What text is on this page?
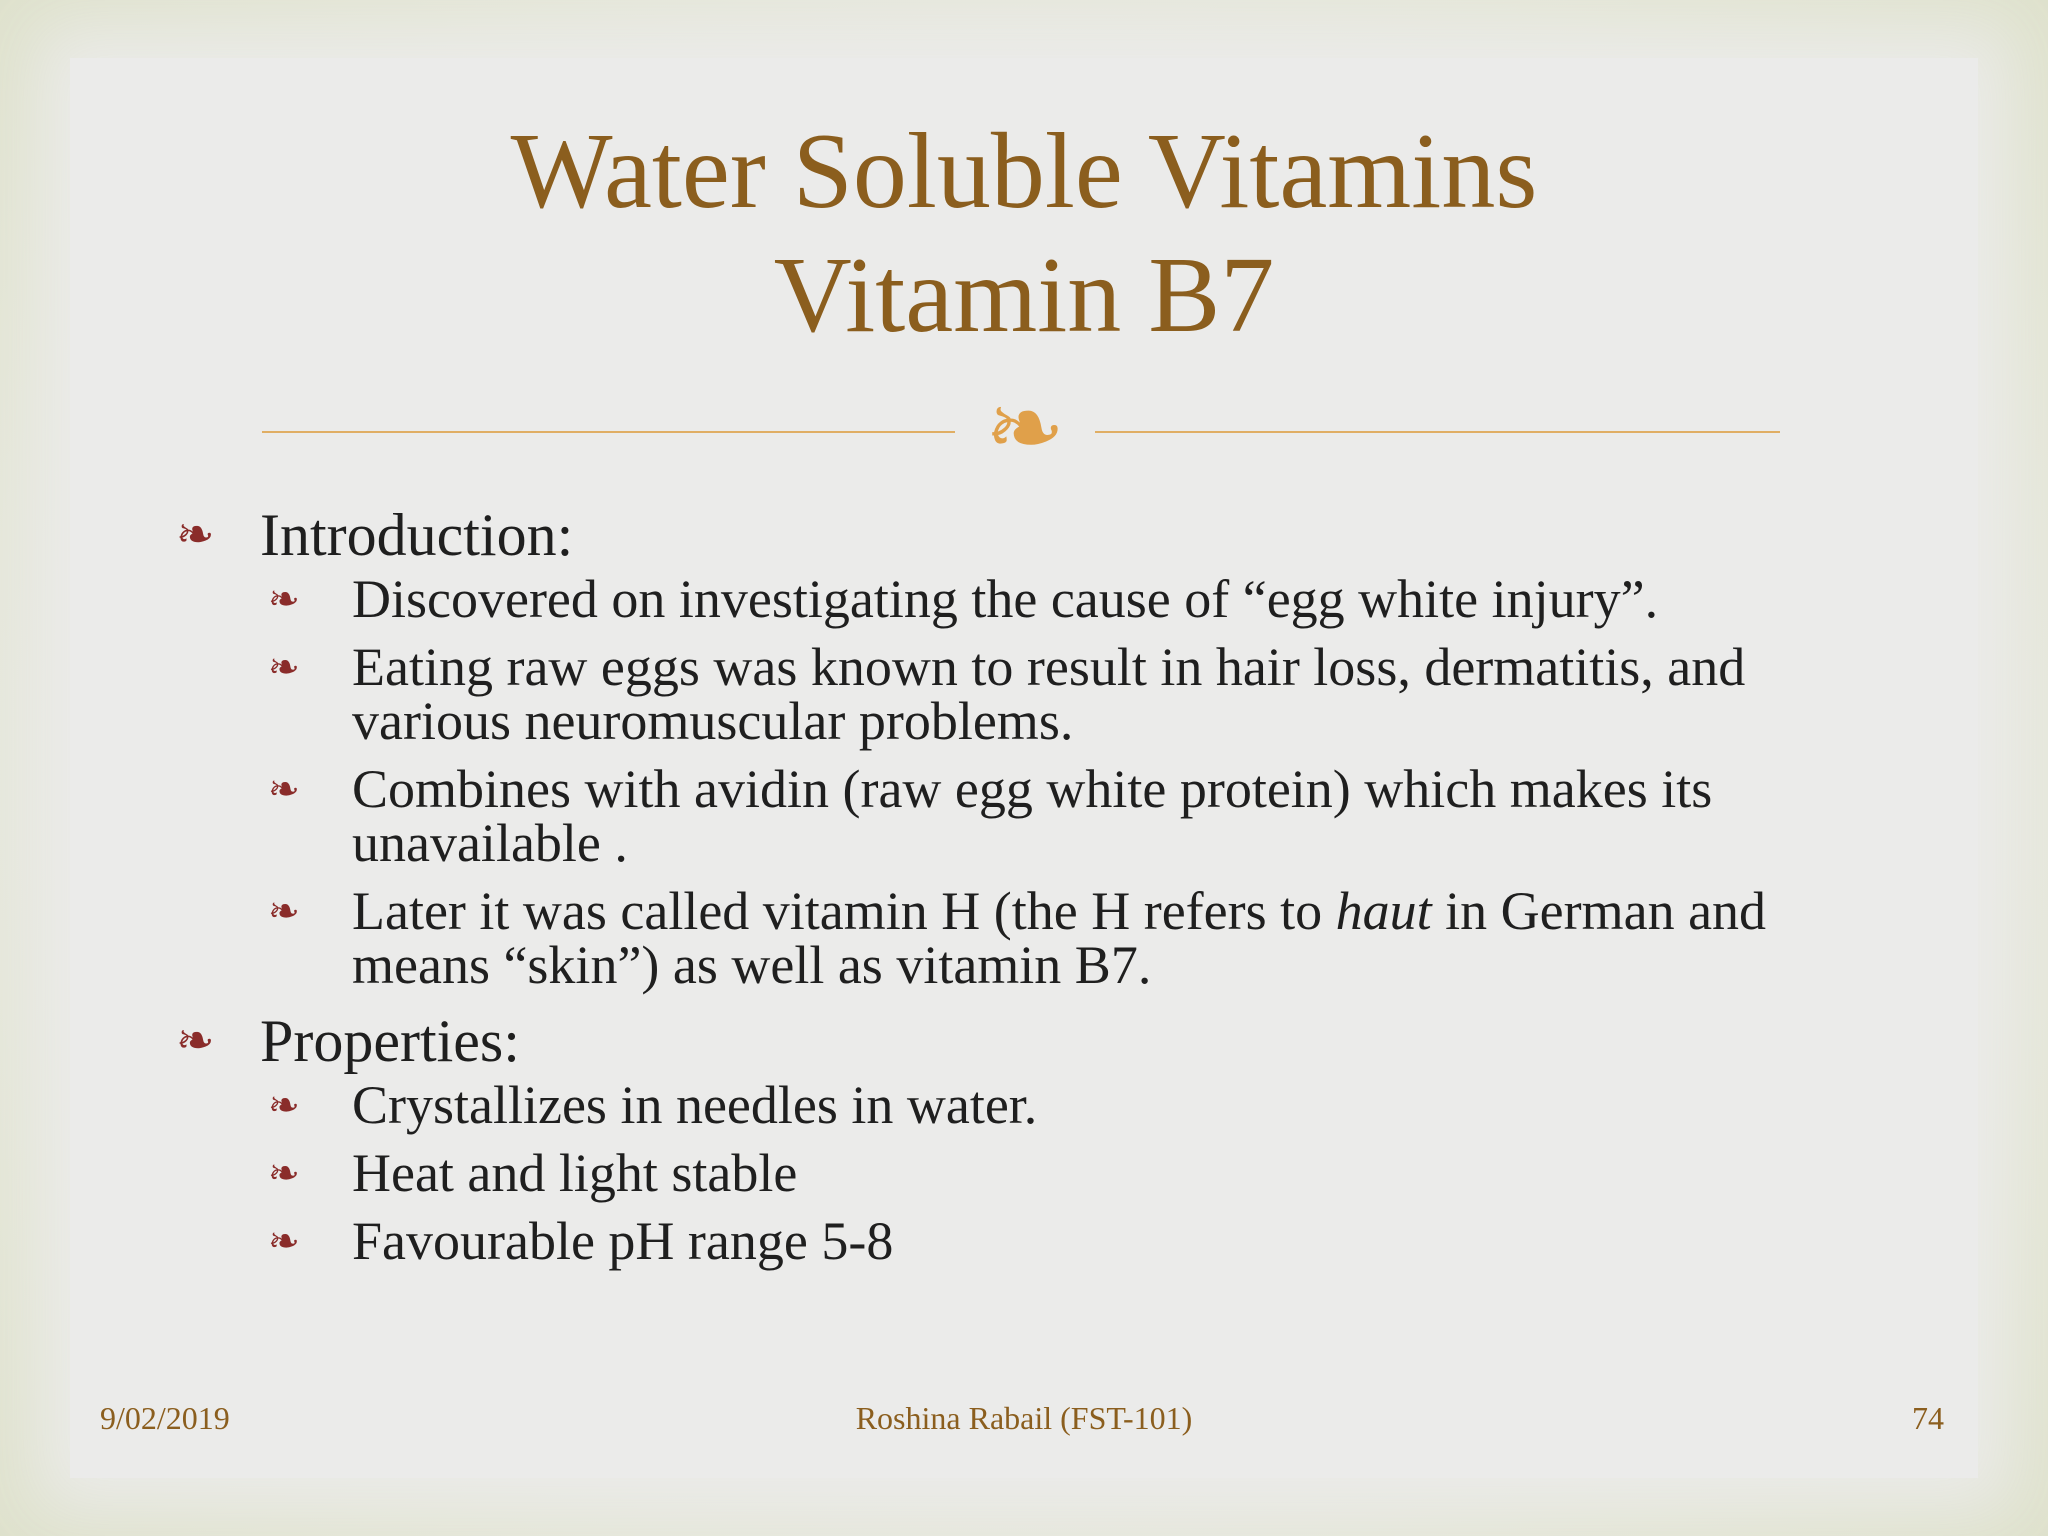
Water Soluble Vitamins
Vitamin B7
❧
❧ Introduction:
❧ Discovered on investigating the cause of “egg white injury”.
❧ Eating raw eggs was known to result in hair loss, dermatitis, and various neuromuscular problems.
❧ Combines with avidin (raw egg white protein) which makes its unavailable .
❧ Later it was called vitamin H (the H refers to haut in German and means “skin”) as well as vitamin B7.
❧ Properties:
❧ Crystallizes in needles in water.
❧ Heat and light stable
❧ Favourable pH range 5-8
Roshina Rabail (FST-101)
9/02/2019	74
